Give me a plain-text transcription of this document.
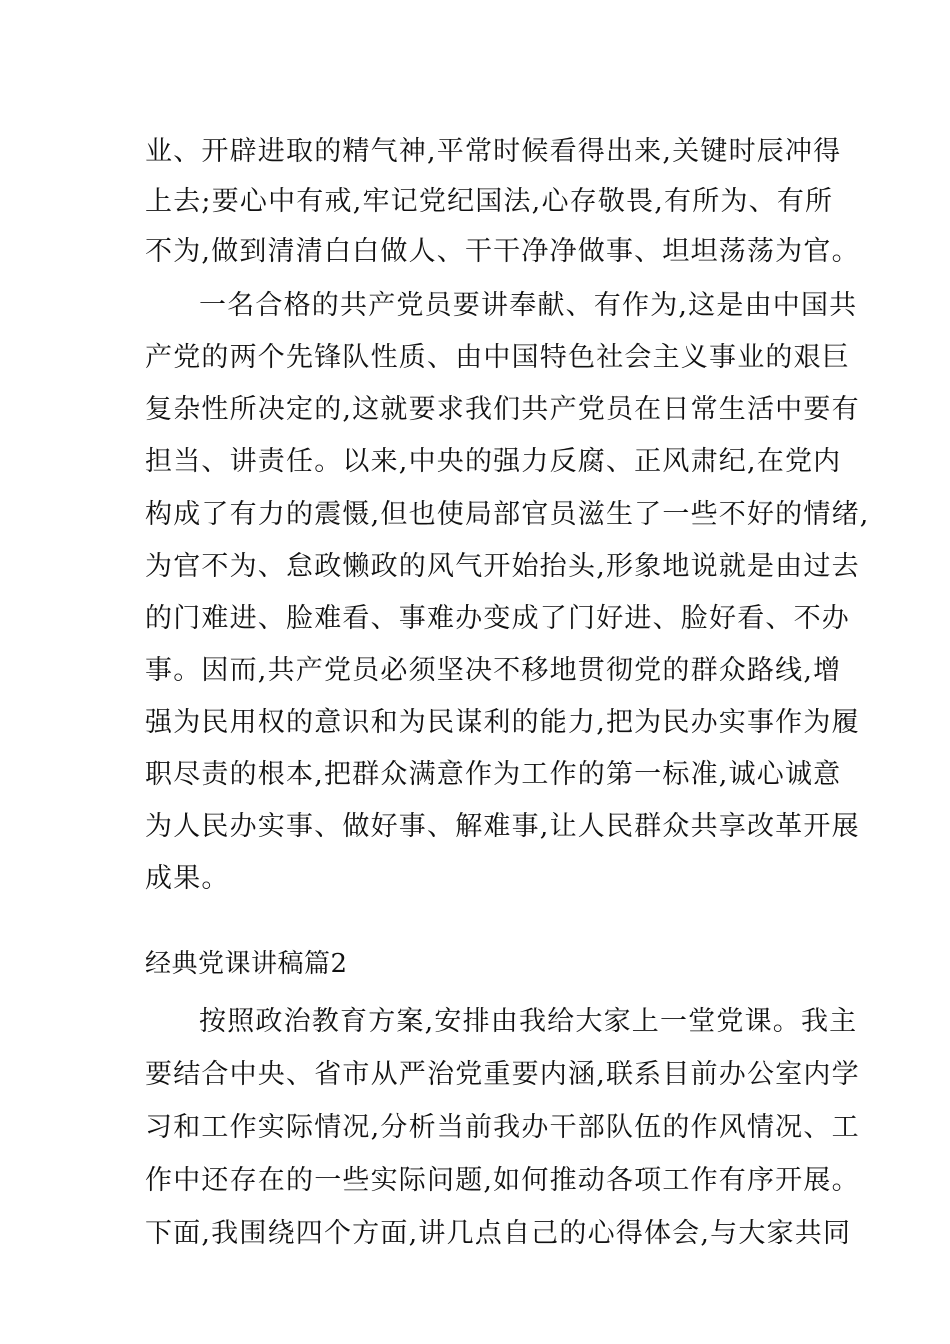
业、开辟进取的精气神,平常时候看得出来,关键时辰冲得
上去;要心中有戒,牢记党纪国法,心存敬畏,有所为、有所
不为,做到清清白白做人、干干净净做事、坦坦荡荡为官。
一名合格的共产党员要讲奉献、有作为,这是由中国共
产党的两个先锋队性质、由中国特色社会主义事业的艰巨
复杂性所决定的,这就要求我们共产党员在日常生活中要有
担当、讲责任。以来,中央的强力反腐、正风肃纪,在党内
构成了有力的震慑,但也使局部官员滋生了一些不好的情绪,
为官不为、怠政懒政的风气开始抬头,形象地说就是由过去
的门难进、脸难看、事难办变成了门好进、脸好看、不办
事。因而,共产党员必须坚决不移地贯彻党的群众路线,增
强为民用权的意识和为民谋利的能力,把为民办实事作为履
职尽责的根本,把群众满意作为工作的第一标准,诚心诚意
为人民办实事、做好事、解难事,让人民群众共享改革开展
成果。
经典党课讲稿篇2
按照政治教育方案,安排由我给大家上一堂党课。我主
要结合中央、省市从严治党重要内涵,联系目前办公室内学
习和工作实际情况,分析当前我办干部队伍的作风情况、工
作中还存在的一些实际问题,如何推动各项工作有序开展。
下面,我围绕四个方面,讲几点自己的心得体会,与大家共同
